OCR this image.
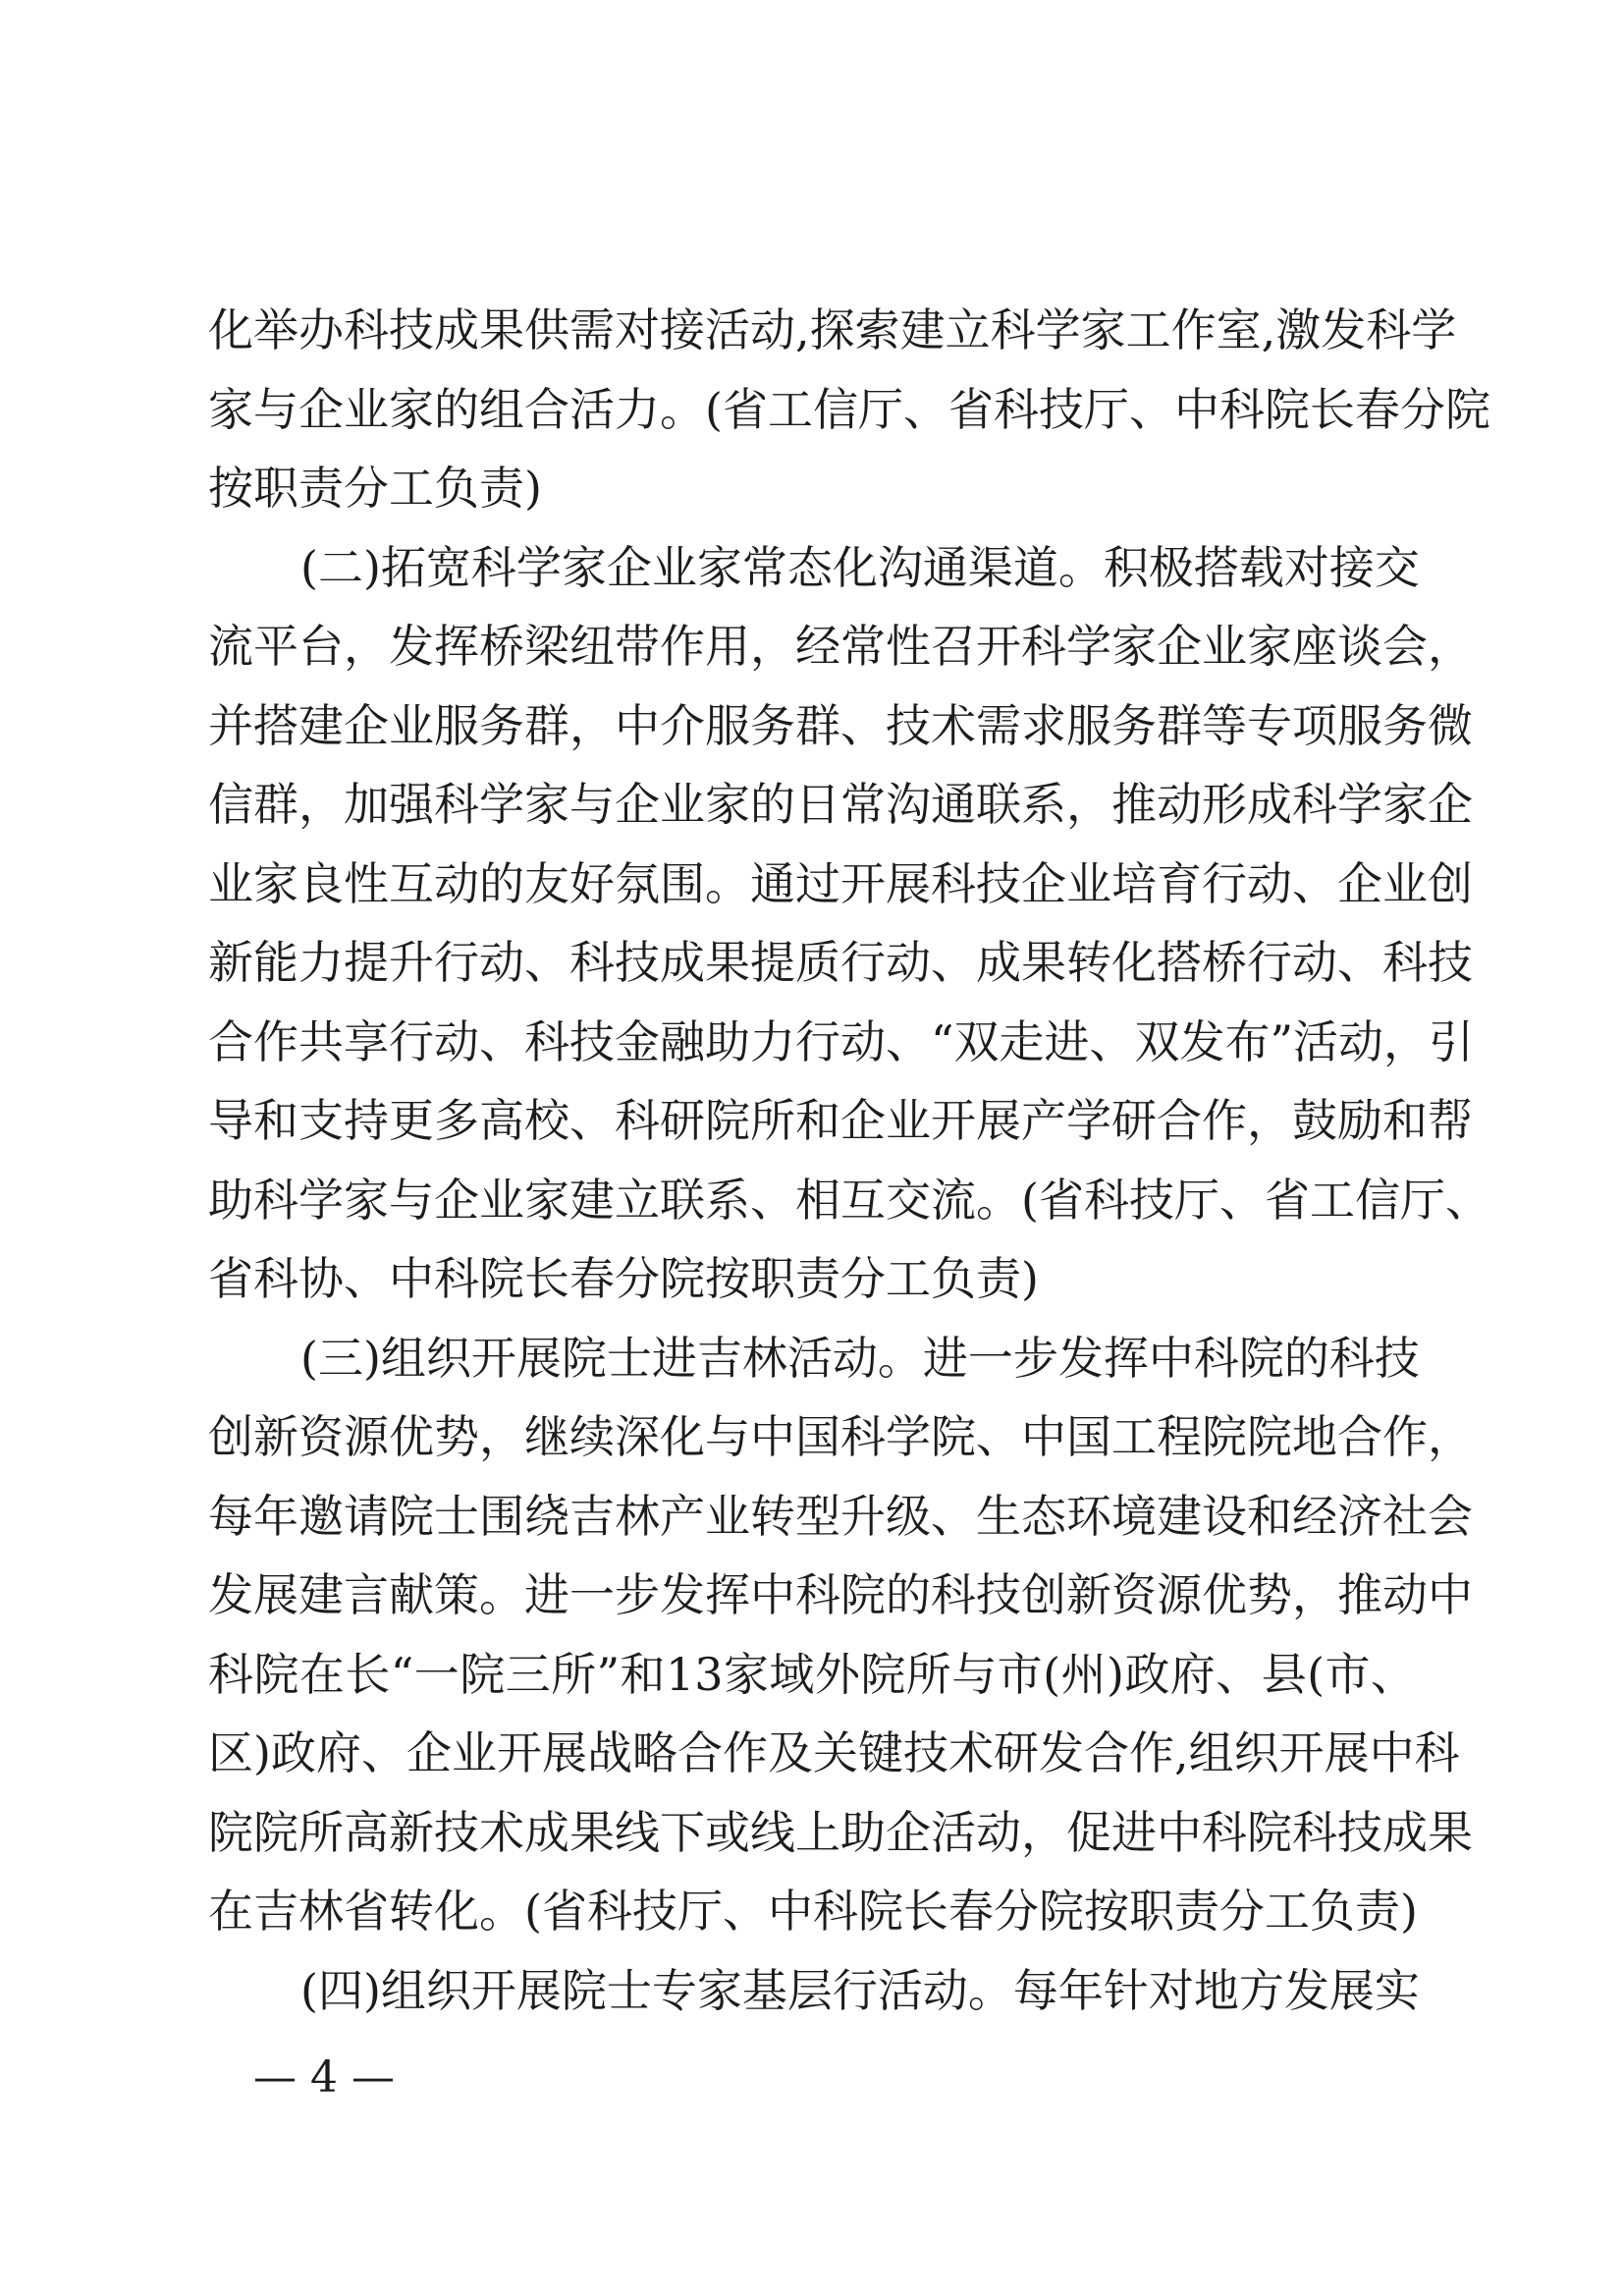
化举办科技成果供需对接活动,探索建立科学家工作室,激发科学
家与企业家的组合活力。(省工信厅、省科技厅、中科院长春分院
按职责分工负责)
(二)拓宽科学家企业家常态化沟通渠道。积极搭载对接交
流平台，发挥桥梁纽带作用，经常性召开科学家企业家座谈会，
并搭建企业服务群，中介服务群、技术需求服务群等专项服务微
信群，加强科学家与企业家的日常沟通联系，推动形成科学家企
业家良性互动的友好氛围。通过开展科技企业培育行动、企业创
新能力提升行动、科技成果提质行动、成果转化搭桥行动、科技
合作共享行动、科技金融助力行动、“双走进、双发布”活动，引
导和支持更多高校、科研院所和企业开展产学研合作，鼓励和帮
助科学家与企业家建立联系、相互交流。(省科技厅、省工信厅、
省科协、中科院长春分院按职责分工负责)
(三)组织开展院士进吉林活动。进一步发挥中科院的科技
创新资源优势，继续深化与中国科学院、中国工程院院地合作，
每年邀请院士围绕吉林产业转型升级、生态环境建设和经济社会
发展建言献策。进一步发挥中科院的科技创新资源优势，推动中
科院在长“一院三所”和13家域外院所与市(州)政府、县(市、
区)政府、企业开展战略合作及关键技术研发合作,组织开展中科
院院所高新技术成果线下或线上助企活动，促进中科院科技成果
在吉林省转化。(省科技厅、中科院长春分院按职责分工负责)
(四)组织开展院士专家基层行活动。每年针对地方发展实
— 4 —
